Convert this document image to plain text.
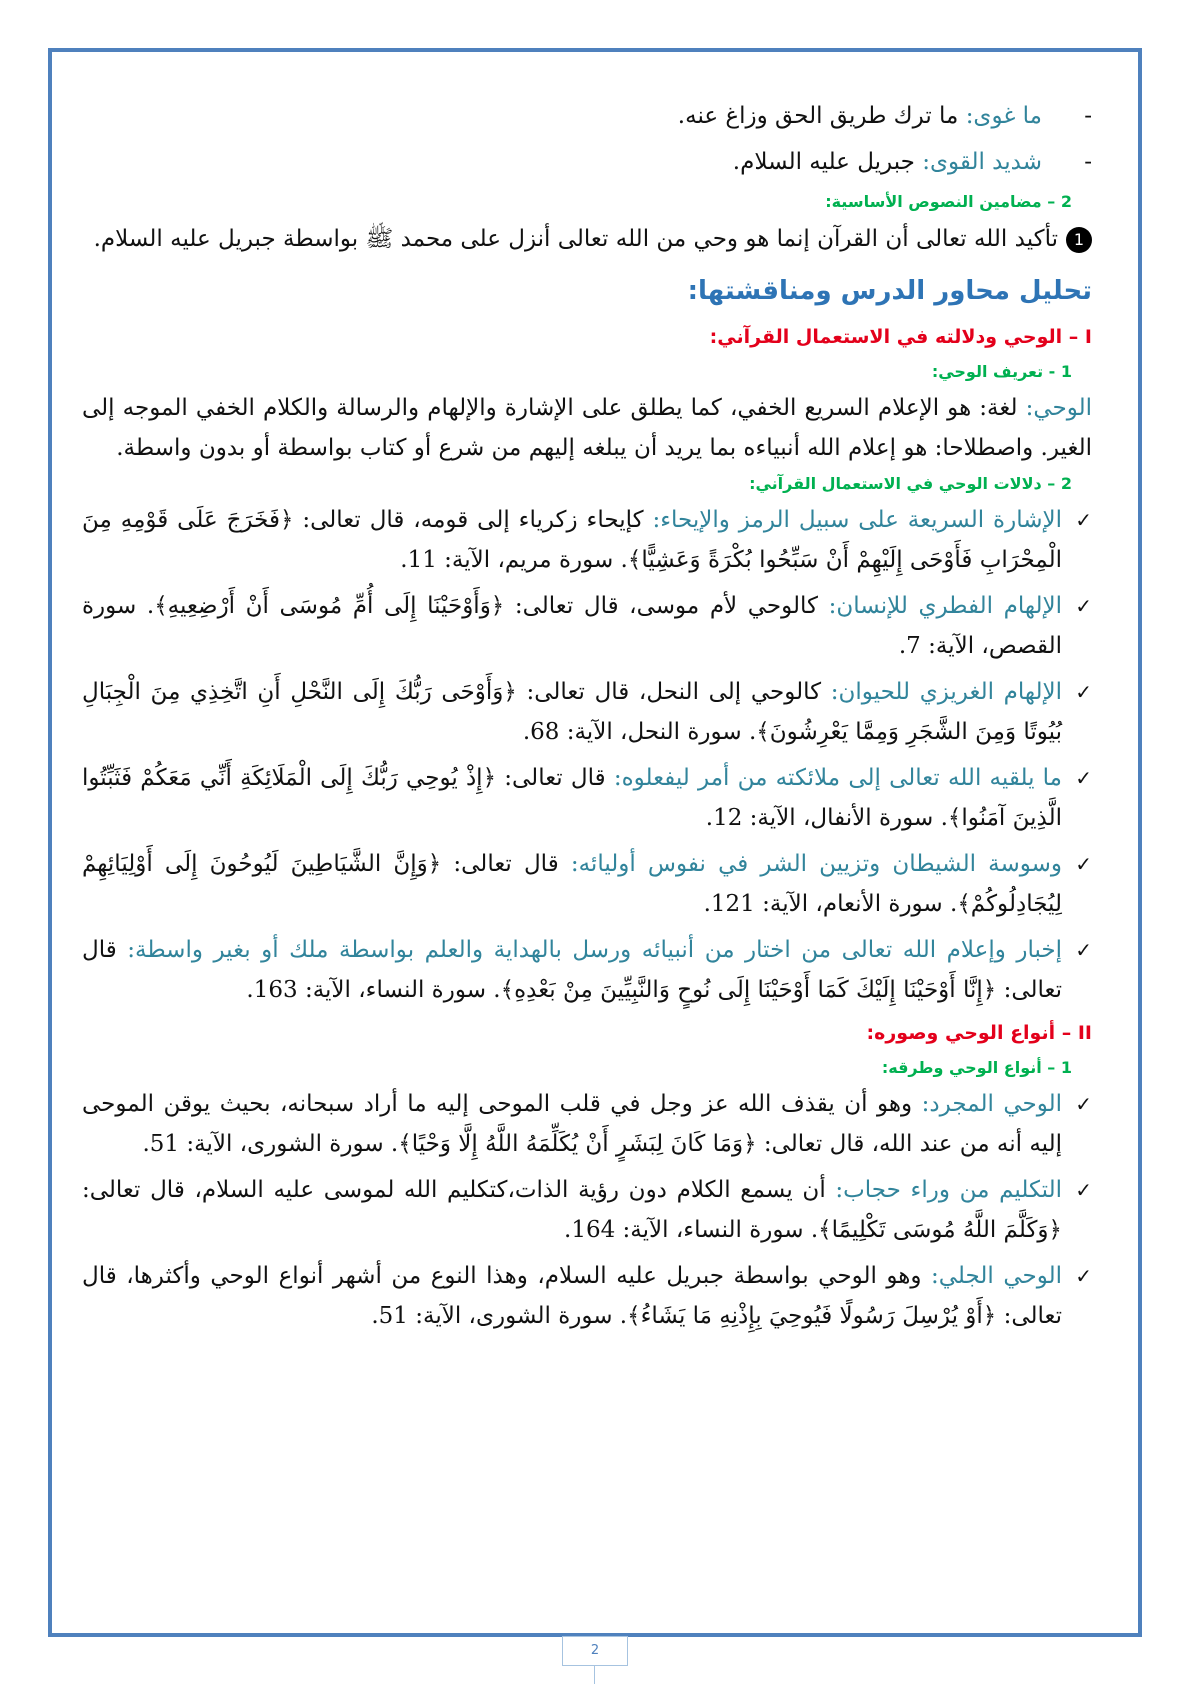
-
ما غوى: ما ترك طريق الحق وزاغ عنه.

-
شديد القوى: جبريل عليه السلام.

2 – مضامين النصوص الأساسية:

1تأكيد الله تعالى أن القرآن إنما هو وحي من الله تعالى أنزل على محمد ﷺ بواسطة جبريل عليه السلام.

تحليل محاور الدرس ومناقشتها:
I – الوحي ودلالته في الاستعمال القرآني:
1 - تعريف الوحي:

الوحي: لغة: هو الإعلام السريع الخفي، كما يطلق على الإشارة والإلهام والرسالة والكلام الخفي الموجه إلى الغير. واصطلاحا: هو إعلام الله أنبياءه بما يريد أن يبلغه إليهم من شرع أو كتاب بواسطة أو بدون واسطة.

2 – دلالات الوحي في الاستعمال القرآني:

✓
الإشارة السريعة على سبيل الرمز والإيحاء: كإيحاء زكرياء إلى قومه، قال تعالى: ﴿فَخَرَجَ عَلَى قَوْمِهِ مِنَ الْمِحْرَابِ فَأَوْحَى إِلَيْهِمْ أَنْ سَبِّحُوا بُكْرَةً وَعَشِيًّا﴾. سورة مريم، الآية: 11.

✓
الإلهام الفطري للإنسان: كالوحي لأم موسى، قال تعالى: ﴿وَأَوْحَيْنَا إِلَى أُمِّ مُوسَى أَنْ أَرْضِعِيهِ﴾. سورة القصص، الآية: 7.

✓
الإلهام الغريزي للحيوان: كالوحي إلى النحل، قال تعالى: ﴿وَأَوْحَى رَبُّكَ إِلَى النَّحْلِ أَنِ اتَّخِذِي مِنَ الْجِبَالِ بُيُوتًا وَمِنَ الشَّجَرِ وَمِمَّا يَعْرِشُونَ﴾. سورة النحل، الآية: 68.

✓
ما يلقيه الله تعالى إلى ملائكته من أمر ليفعلوه: قال تعالى: ﴿إِذْ يُوحِي رَبُّكَ إِلَى الْمَلَائِكَةِ أَنِّي مَعَكُمْ فَثَبِّتُوا الَّذِينَ آمَنُوا﴾. سورة الأنفال، الآية: 12.

✓
وسوسة الشيطان وتزيين الشر في نفوس أوليائه: قال تعالى: ﴿وَإِنَّ الشَّيَاطِينَ لَيُوحُونَ إِلَى أَوْلِيَائِهِمْ لِيُجَادِلُوكُمْ﴾. سورة الأنعام، الآية: 121.

✓
إخبار وإعلام الله تعالى من اختار من أنبيائه ورسل بالهداية والعلم بواسطة ملك أو بغير واسطة: قال تعالى: ﴿إِنَّا أَوْحَيْنَا إِلَيْكَ كَمَا أَوْحَيْنَا إِلَى نُوحٍ وَالنَّبِيِّينَ مِنْ بَعْدِهِ﴾. سورة النساء، الآية: 163.

II – أنواع الوحي وصوره:
1 – أنواع الوحي وطرقه:

✓
الوحي المجرد: وهو أن يقذف الله عز وجل في قلب الموحى إليه ما أراد سبحانه، بحيث يوقن الموحى إليه أنه من عند الله، قال تعالى: ﴿وَمَا كَانَ لِبَشَرٍ أَنْ يُكَلِّمَهُ اللَّهُ إِلَّا وَحْيًا﴾. سورة الشورى، الآية: 51.

✓
التكليم من وراء حجاب: أن يسمع الكلام دون رؤية الذات،كتكليم الله لموسى عليه السلام، قال تعالى: ﴿وَكَلَّمَ اللَّهُ مُوسَى تَكْلِيمًا﴾. سورة النساء، الآية: 164.

✓
الوحي الجلي: وهو الوحي بواسطة جبريل عليه السلام، وهذا النوع من أشهر أنواع الوحي وأكثرها، قال تعالى: ﴿أَوْ يُرْسِلَ رَسُولًا فَيُوحِيَ بِإِذْنِهِ مَا يَشَاءُ﴾. سورة الشورى، الآية: 51.

2
